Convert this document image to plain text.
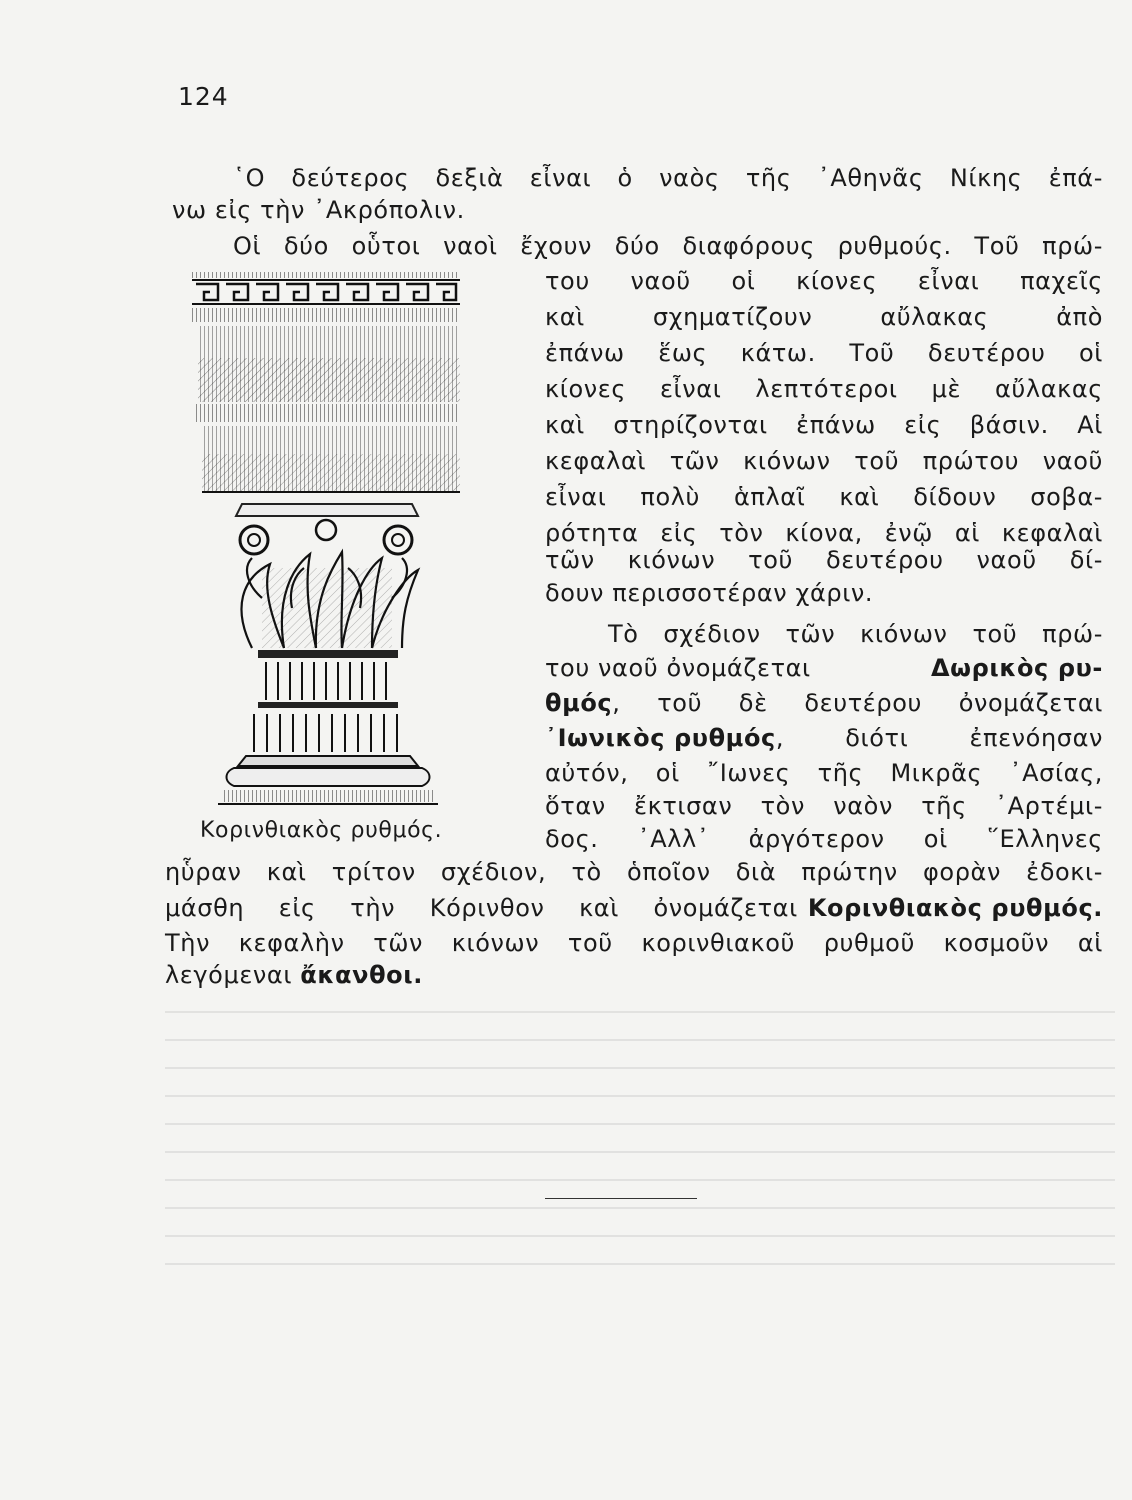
124
῾Ο δεύτερος δεξιὰ εἶναι ὁ ναὸς τῆς ᾿Αθηνᾶς Νίκης ἐπά-
νω εἰς τὴν ᾿Ακρόπολιν.
Οἱ δύο οὗτοι ναοὶ ἔχουν δύο διαφόρους ρυθμούς. Τοῦ πρώ-
του ναοῦ οἱ κίονες εἶναι παχεῖς
καὶ σχηματίζουν αὔλακας ἀπὸ
ἐπάνω ἕως κάτω. Τοῦ δευτέρου οἱ
κίονες εἶναι λεπτότεροι μὲ αὔλακας
καὶ στηρίζονται ἐπάνω εἰς βάσιν. Αἱ
κεφαλαὶ τῶν κιόνων τοῦ πρώτου ναοῦ
εἶναι πολὺ ἁπλαῖ καὶ δίδουν σοβα-
ρότητα εἰς τὸν κίονα, ἐνῷ αἱ κεφαλαὶ
τῶν κιόνων τοῦ δευτέρου ναοῦ δί-
δουν περισσοτέραν χάριν.
Τὸ σχέδιον τῶν κιόνων τοῦ πρώ-
του ναοῦ ὀνομάζεται	Δωρικὸς ρυ-
θμός , τοῦ δὲ δευτέρου ὀνομάζεται
᾿Ιωνικὸς ρυθμός , διότι ἐπενόησαν
αὐτόν, οἱ ῎Ιωνες τῆς Μικρᾶς ᾿Ασίας,
ὅταν ἔκτισαν τὸν ναὸν τῆς ᾿Αρτέμι-
δος. ᾿Αλλ᾿ ἀργότερον οἱ ῞Ελληνες
ηὗραν καὶ τρίτον σχέδιον, τὸ ὁποῖον διὰ πρώτην φορὰν ἐδοκι-
μάσθη εἰς τὴν Κόρινθον καὶ ὀνομάζεται Κορινθιακὸς ρυθμός.
Τὴν κεφαλὴν τῶν κιόνων τοῦ κορινθιακοῦ ρυθμοῦ κοσμοῦν αἱ
λεγόμεναι ἄκανθοι.
Κορινθιακὸς ρυθμός.
